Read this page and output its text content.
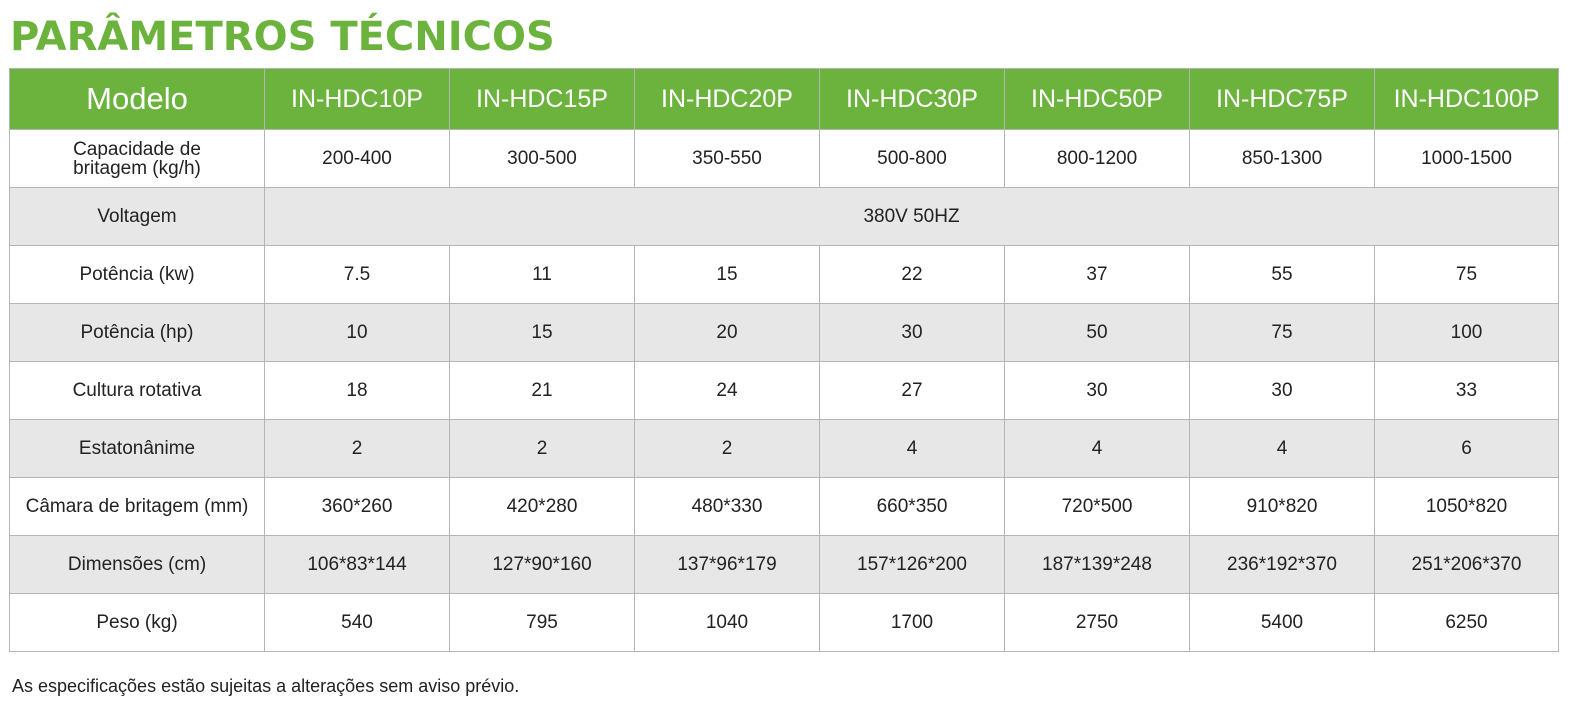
PARÂMETROS TÉCNICOS
Modelo	IN-HDC10P	IN-HDC15P	IN-HDC20P	IN-HDC30P	IN-HDC50P	IN-HDC75P	IN-HDC100P
Capacidade de
britagem (kg/h)	200-400	300-500	350-550	500-800	800-1200	850-1300	1000-1500
Voltagem	380V 50HZ						
Potência (kw)	7.5	11	15	22	37	55	75
Potência (hp)	10	15	20	30	50	75	100
Cultura rotativa	18	21	24	27	30	30	33
Estatonânime	2	2	2	4	4	4	6
Câmara de britagem (mm)	360*260	420*280	480*330	660*350	720*500	910*820	1050*820
Dimensões (cm)	106*83*144	127*90*160	137*96*179	157*126*200	187*139*248	236*192*370	251*206*370
Peso (kg)	540	795	1040	1700	2750	5400	6250
As especificações estão sujeitas a alterações sem aviso prévio.
